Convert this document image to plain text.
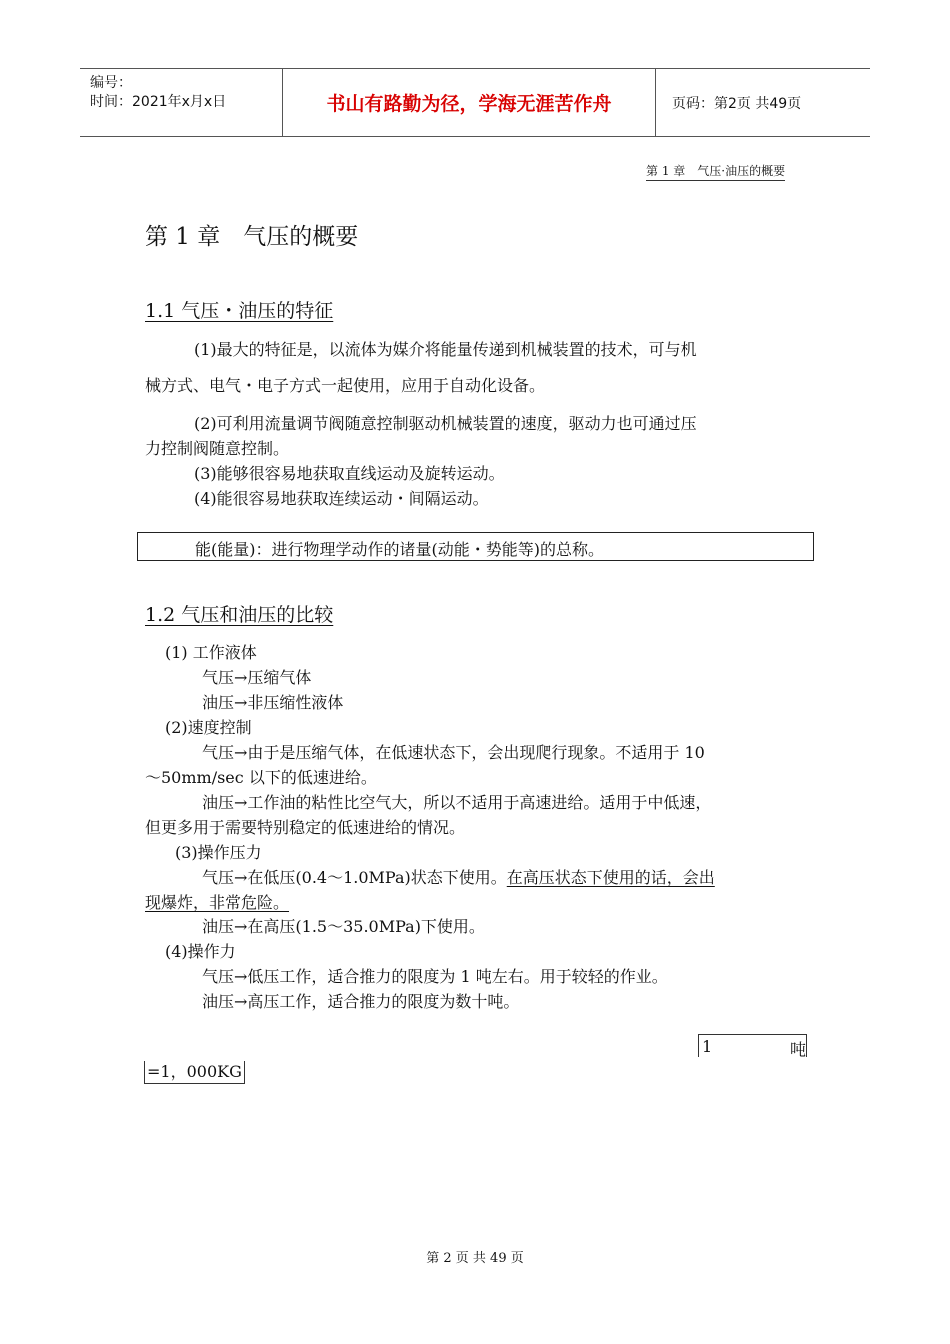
编号：
时间：2021年x月x日	书山有路勤为径，学海无涯苦作舟	页码：第2页 共49页
第 1 章　气压·油压的概要
第 1 章　气压的概要
1.1 气压・油压的特征
(1)最大的特征是，以流体为媒介将能量传递到机械装置的技术，可与机
械方式、电气・电子方式一起使用，应用于自动化设备。
(2)可利用流量调节阀随意控制驱动机械装置的速度，驱动力也可通过压
力控制阀随意控制。
(3)能够很容易地获取直线运动及旋转运动。
(4)能很容易地获取连续运动・间隔运动。
能(能量)：进行物理学动作的诸量(动能・势能等)的总称。
1.2 气压和油压的比较
(1) 工作液体
气压→压缩气体
油压→非压缩性液体
(2)速度控制
气压→由于是压缩气体，在低速状态下，会出现爬行现象。不适用于 10
～50mm/sec 以下的低速进给。
油压→工作油的粘性比空气大，所以不适用于高速进给。适用于中低速，
但更多用于需要特别稳定的低速进给的情况。
(3)操作压力
气压→在低压(0.4～1.0MPa)状态下使用。在高压状态下使用的话，会出
现爆炸，非常危险。
油压→在高压(1.5～35.0MPa)下使用。
(4)操作力
气压→低压工作，适合推力的限度为 1 吨左右。用于较轻的作业。
油压→高压工作，适合推力的限度为数十吨。
1	吨
=1，000KG
第 2 页 共 49 页
